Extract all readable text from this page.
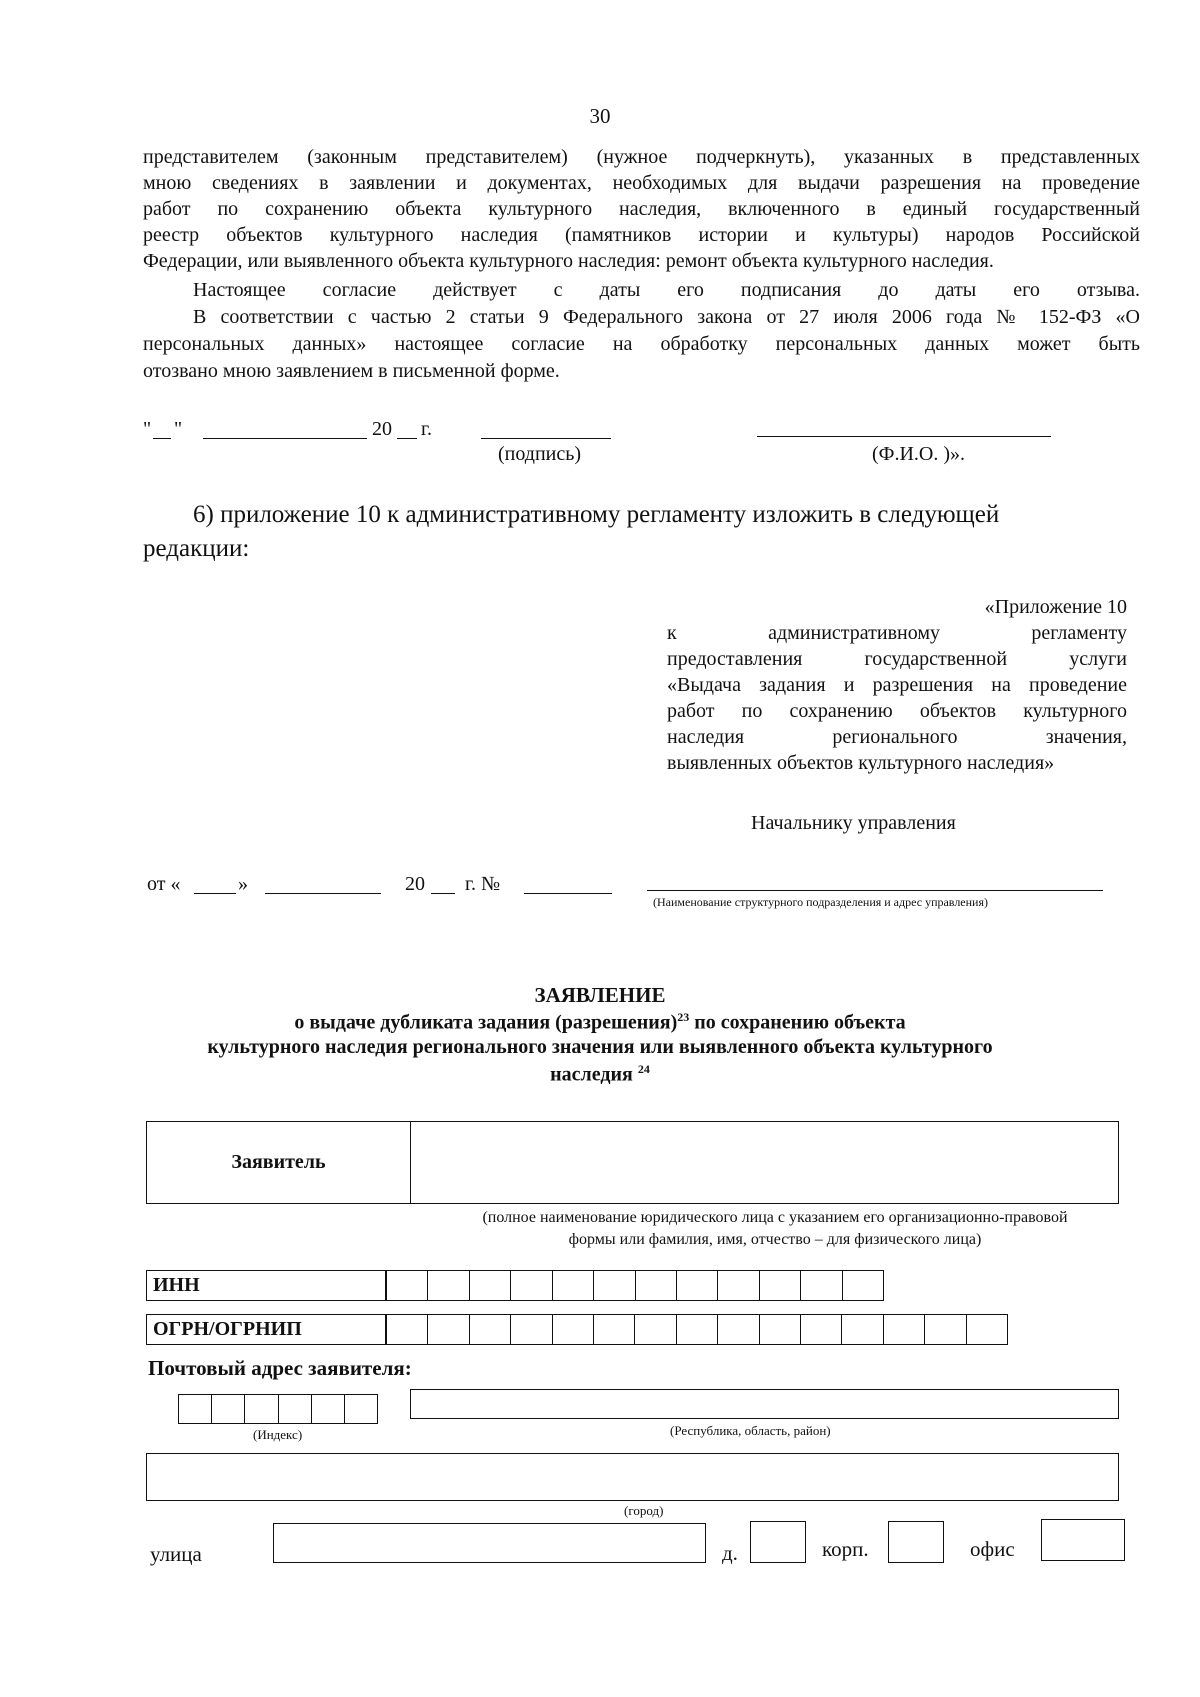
30
представителем (законным представителем) (нужное подчеркнуть), указанных в представленных
мною сведениях в заявлении и документах, необходимых для выдачи разрешения на проведение
работ по сохранению объекта культурного наследия, включенного в единый государственный
реестр объектов культурного наследия (памятников истории и культуры) народов Российской
Федерации, или выявленного объекта культурного наследия: ремонт объекта культурного наследия.
Настоящее согласие действует с даты его подписания до даты его отзыва.
В соответствии с частью 2 статьи 9 Федерального закона от 27 июля 2006 года № 152-ФЗ «О
персональных данных» настоящее согласие на обработку персональных данных может быть
отозвано мною заявлением в письменной форме.
" "	20 г.
(подпись)	(Ф.И.О. )».
6) приложение 10 к административному регламенту изложить в следующей
редакции:
«Приложение 10
к административному регламенту
предоставления государственной услуги
«Выдача задания и разрешения на проведение
работ по сохранению объектов культурного
наследия регионального значения,
выявленных объектов культурного наследия»
Начальнику управления
от «	»	20 г. №
(Наименование структурного подразделения и адрес управления)
ЗАЯВЛЕНИЕ
о выдаче дубликата задания (разрешения)$^{23}$ по сохранению объекта
культурного наследия регионального значения или выявленного объекта культурного
наследия $^{24}$
Заявитель
(полное наименование юридического лица с указанием его организационно-правовой
формы или фамилия, имя, отчество – для физического лица)
ИНН
ОГРН/ОГРНИП
Почтовый адрес заявителя:
(Индекс)	(Республика, область, район)
(город)
улица	д.	корп.	офис
